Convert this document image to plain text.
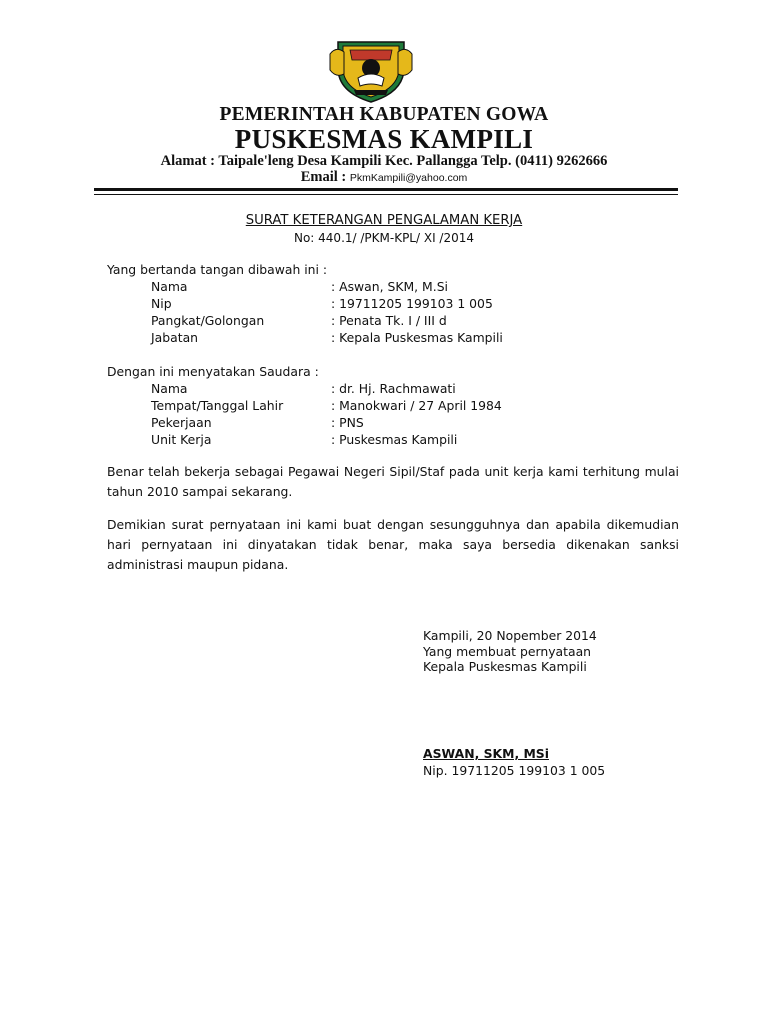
PEMERINTAH KABUPATEN GOWA
PUSKESMAS KAMPILI
Alamat : Taipale'leng Desa Kampili Kec. Pallangga Telp. (0411) 9262666
Email : PkmKampili@yahoo.com
SURAT KETERANGAN PENGALAMAN KERJA
No: 440.1/ /PKM-KPL/ XI /2014
Yang bertanda tangan dibawah ini :
Nama	: Aswan, SKM, M.Si
Nip	: 19711205 199103 1 005
Pangkat/Golongan	: Penata Tk. I / III d
Jabatan	: Kepala Puskesmas Kampili
Dengan ini menyatakan Saudara :
Nama	: dr. Hj. Rachmawati
Tempat/Tanggal Lahir	: Manokwari / 27 April 1984
Pekerjaan	: PNS
Unit Kerja	: Puskesmas Kampili
Benar telah bekerja sebagai Pegawai Negeri Sipil/Staf pada unit kerja kami terhitung mulai tahun 2010 sampai sekarang.
Demikian surat pernyataan ini kami buat dengan sesungguhnya dan apabila dikemudian hari pernyataan ini dinyatakan tidak benar, maka saya bersedia dikenakan sanksi administrasi maupun pidana.
Kampili, 20 Nopember 2014
Yang membuat pernyataan
Kepala Puskesmas Kampili
ASWAN, SKM, MSi
Nip. 19711205 199103 1 005
